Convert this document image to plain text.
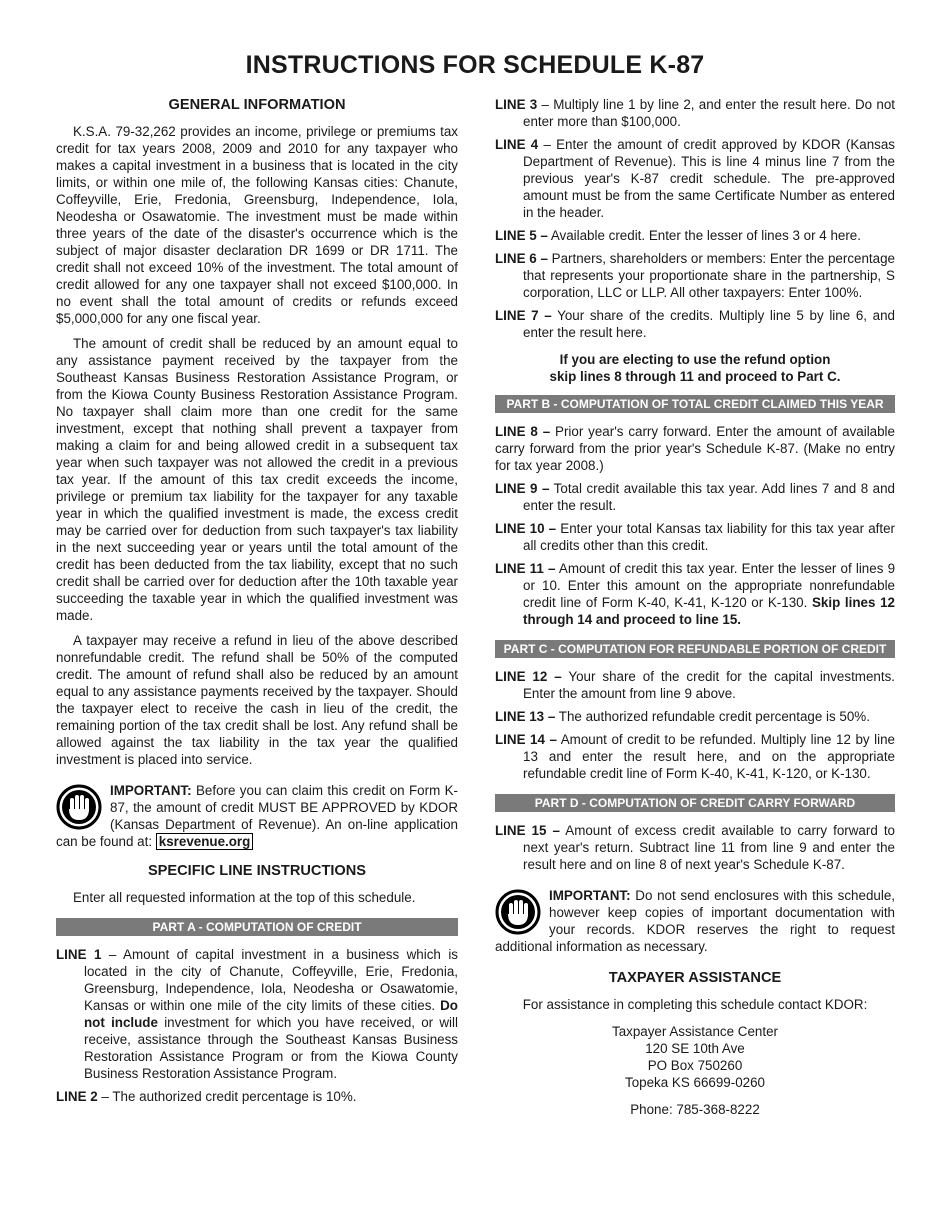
INSTRUCTIONS FOR SCHEDULE K-87
GENERAL INFORMATION

K.S.A. 79-32,262 provides an income, privilege or premiums tax credit for tax years 2008, 2009 and 2010 for any taxpayer who makes a capital investment in a business that is located in the city limits, or within one mile of, the following Kansas cities: Chanute, Coffeyville, Erie, Fredonia, Greensburg, Independence, Iola, Neodesha or Osawatomie. The investment must be made within three years of the date of the disaster's occurrence which is the subject of major disaster declaration DR 1699 or DR 1711. The credit shall not exceed 10% of the investment. The total amount of credit allowed for any one taxpayer shall not exceed $100,000. In no event shall the total amount of credits or refunds exceed $5,000,000 for any one fiscal year.

The amount of credit shall be reduced by an amount equal to any assistance payment received by the taxpayer from the Southeast Kansas Business Restoration Assistance Program, or from the Kiowa County Business Restoration Assistance Program. No taxpayer shall claim more than one credit for the same investment, except that nothing shall prevent a taxpayer from making a claim for and being allowed credit in a subsequent tax year when such taxpayer was not allowed the credit in a previous tax year. If the amount of this tax credit exceeds the income, privilege or premium tax liability for the taxpayer for any taxable year in which the qualified investment is made, the excess credit may be carried over for deduction from such taxpayer's tax liability in the next succeeding year or years until the total amount of the credit has been deducted from the tax liability, except that no such credit shall be carried over for deduction after the 10th taxable year succeeding the taxable year in which the qualified investment was made.

A taxpayer may receive a refund in lieu of the above described nonrefundable credit. The refund shall be 50% of the computed credit. The amount of refund shall also be reduced by an amount equal to any assistance payments received by the taxpayer. Should the taxpayer elect to receive the cash in lieu of the credit, the remaining portion of the tax credit shall be lost. Any refund shall be allowed against the tax liability in the tax year the qualified investment is placed into service.

IMPORTANT: Before you can claim this credit on Form K-87, the amount of credit MUST BE APPROVED by KDOR (Kansas Department of Revenue). An on-line application can be found at: ksrevenue.org

SPECIFIC LINE INSTRUCTIONS

Enter all requested information at the top of this schedule.

PART A - COMPUTATION OF CREDIT

LINE 1 – Amount of capital investment in a business which is located in the city of Chanute, Coffeyville, Erie, Fredonia, Greensburg, Independence, Iola, Neodesha or Osawatomie, Kansas or within one mile of the city limits of these cities. Do not include investment for which you have received, or will receive, assistance through the Southeast Kansas Business Restoration Assistance Program or from the Kiowa County Business Restoration Assistance Program.

LINE 2 – The authorized credit percentage is 10%.

LINE 3 – Multiply line 1 by line 2, and enter the result here. Do not enter more than $100,000.

LINE 4 – Enter the amount of credit approved by KDOR (Kansas Department of Revenue). This is line 4 minus line 7 from the previous year's K-87 credit schedule. The pre-approved amount must be from the same Certificate Number as entered in the header.

LINE 5 – Available credit. Enter the lesser of lines 3 or 4 here.

LINE 6 – Partners, shareholders or members: Enter the percentage that represents your proportionate share in the partnership, S corporation, LLC or LLP. All other taxpayers: Enter 100%.

LINE 7 – Your share of the credits. Multiply line 5 by line 6, and enter the result here.

If you are electing to use the refund option
skip lines 8 through 11 and proceed to Part C.
PART B - COMPUTATION OF TOTAL CREDIT CLAIMED THIS YEAR

LINE 8 – Prior year's carry forward. Enter the amount of available carry forward from the prior year's Schedule K-87. (Make no entry for tax year 2008.)

LINE 9 – Total credit available this tax year. Add lines 7 and 8 and enter the result.

LINE 10 – Enter your total Kansas tax liability for this tax year after all credits other than this credit.

LINE 11 – Amount of credit this tax year. Enter the lesser of lines 9 or 10. Enter this amount on the appropriate nonrefundable credit line of Form K-40, K-41, K-120 or K-130. Skip lines 12 through 14 and proceed to line 15.

PART C - COMPUTATION FOR REFUNDABLE PORTION OF CREDIT

LINE 12 – Your share of the credit for the capital investments. Enter the amount from line 9 above.

LINE 13 – The authorized refundable credit percentage is 50%.

LINE 14 – Amount of credit to be refunded. Multiply line 12 by line 13 and enter the result here, and on the appropriate refundable credit line of Form K-40, K-41, K-120, or K-130.

PART D - COMPUTATION OF CREDIT CARRY FORWARD

LINE 15 – Amount of excess credit available to carry forward to next year's return. Subtract line 11 from line 9 and enter the result here and on line 8 of next year's Schedule K-87.

IMPORTANT: Do not send enclosures with this schedule, however keep copies of important documentation with your records. KDOR reserves the right to request additional information as necessary.

TAXPAYER ASSISTANCE

For assistance in completing this schedule contact KDOR:

Taxpayer Assistance Center
120 SE 10th Ave
PO Box 750260
Topeka KS 66699-0260

Phone: 785-368-8222
